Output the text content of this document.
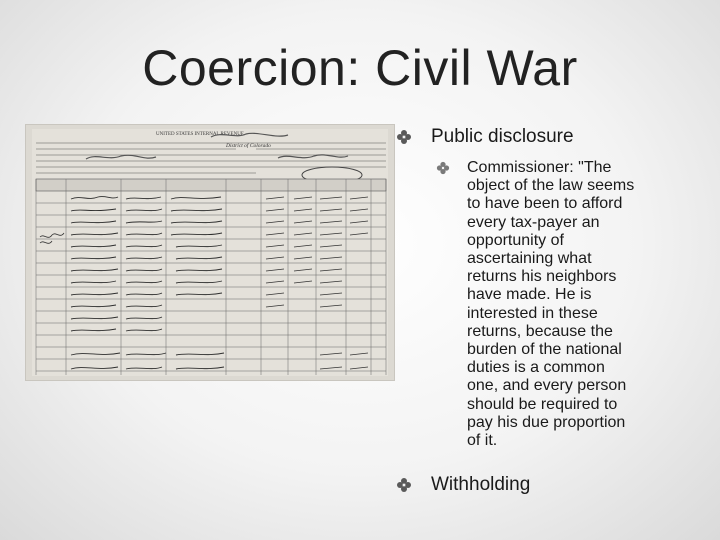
Coercion: Civil War
UNITED STATES INTERNAL REVENUE.
District of Colorado	Public disclosure
Commissioner: "The
object of the law seems
to have been to afford
every tax-payer an
opportunity of
ascertaining what
returns his neighbors
have made. He is
interested in these
returns, because the
burden of the national
duties is a common
one, and every person
should be required to
pay his due proportion
of it.
Withholding
